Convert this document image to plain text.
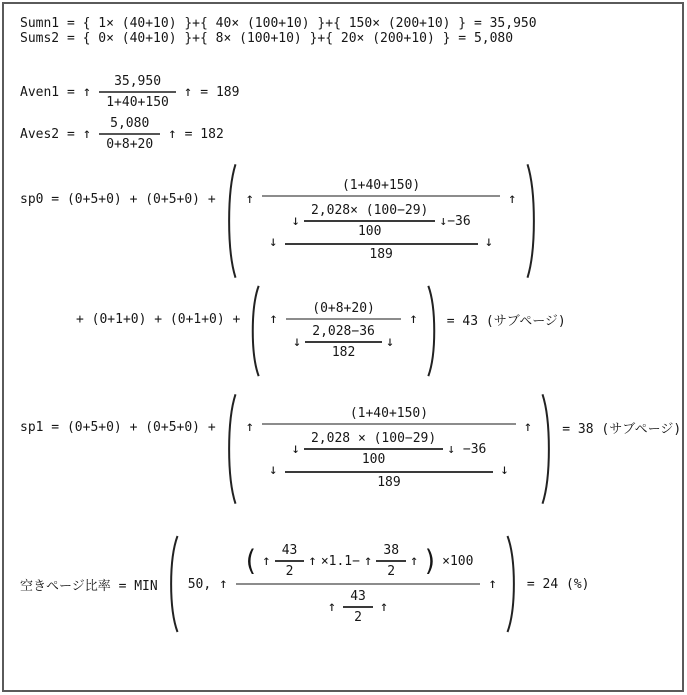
Sumn1 = { 1× (40+10) }+{ 40× (100+10) }+{ 150× (200+10) } = 35,950
Sums2 = { 0× (40+10) }+{ 8× (100+10) }+{ 20× (200+10) } = 5,080
Aven1 = ↑ $\frac{35,950}{1+40+150}$ ↑ = 189
Aves2 = ↑ $\frac{5,080}{0+8+20}$ ↑ = 182
sp0 = (0+5+0) + (0+5+0) + ↑
(1+40+150)
↓
↓ $\frac{2,028\times (100-29)}{100}$ ↓−36
189
↓
↑
+ (0+1+0) + (0+1+0) + ↑
(0+8+20)
↓ $\frac{2,028-36}{182}$ ↓
↑ = 43 (サブページ)
sp1 = (0+5+0) + (0+5+0) + ↑
(1+40+150)
↓
↓ $\frac{2,028 \times (100-29)}{100}$ ↓ −36
189
↓
↑ = 38 (サブページ)
空きページ比率 = MIN 50, ↑
( ↑ $\frac{43}{2}$ ↑ ×1.1− ↑ $\frac{38}{2}$ ↑ ) ×100
↑ $\frac{43}{2}$ ↑
↑ = 24 (%)
